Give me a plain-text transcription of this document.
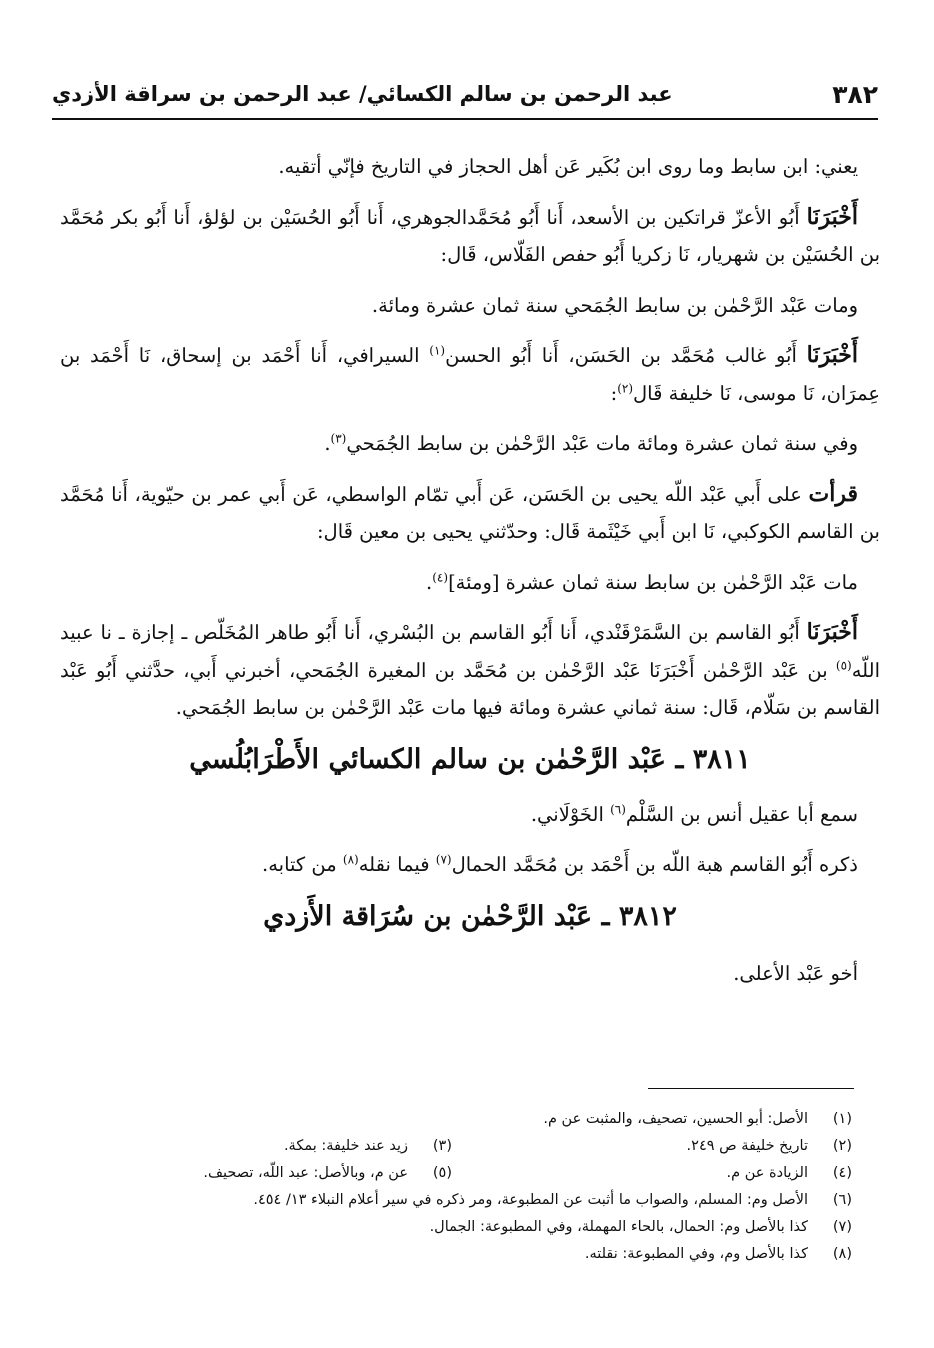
٣٨٢
عبد الرحمن بن سالم الكسائي/ عبد الرحمن بن سراقة الأزدي

يعني: ابن سابط وما روى ابن بُكَير عَن أهل الحجاز في التاريخ فإنّي أتقيه.

أَخْبَرَنَا أَبُو الأعزّ قراتكين بن الأسعد، أَنا أَبُو مُحَمَّدالجوهري، أَنا أَبُو الحُسَيْن بن لؤلؤ، أَنا أَبُو بكر مُحَمَّد بن الحُسَيْن بن شهريار، نَا زكريا أَبُو حفص الفَلّاس، قَال:

ومات عَبْد الرَّحْمٰن بن سابط الجُمَحي سنة ثمان عشرة ومائة.

أَخْبَرَنَا أَبُو غالب مُحَمَّد بن الحَسَن، أَنا أَبُو الحسن$^{(١)}$ السيرافي، أَنا أَحْمَد بن إسحاق، نَا أَحْمَد بن عِمرَان، نَا موسى، نَا خليفة قَال$^{(٢)}$:

وفي سنة ثمان عشرة ومائة مات عَبْد الرَّحْمٰن بن سابط الجُمَحي$^{(٣)}$.

قرأت على أَبي عَبْد اللّه يحيى بن الحَسَن، عَن أَبي تمّام الواسطي، عَن أَبي عمر بن حيّوية، أَنا مُحَمَّد بن القاسم الكوكبي، نَا ابن أَبي خَيْثَمة قَال: وحدّثني يحيى بن معين قَال:

مات عَبْد الرَّحْمٰن بن سابط سنة ثمان عشرة [ومئة]$^{(٤)}$.

أَخْبَرَنَا أَبُو القاسم بن السَّمَرْقَنْدي، أَنا أَبُو القاسم بن البُسْري، أَنا أَبُو طاهر المُخَلّص ـ إجازة ـ نا عبيد اللّه$^{(٥)}$ بن عَبْد الرَّحْمٰن أَخْبَرَنَا عَبْد الرَّحْمٰن بن مُحَمَّد بن المغيرة الجُمَحي، أخبرني أَبي، حدَّثني أَبُو عَبْد القاسم بن سَلّام، قَال: سنة ثماني عشرة ومائة فيها مات عَبْد الرَّحْمٰن بن سابط الجُمَحي.

٣٨١١ ـ عَبْد الرَّحْمٰن بن سالم الكسائي الأَطْرَابُلُسي

سمع أبا عقيل أنس بن السَّلْم$^{(٦)}$ الخَوْلَاني.

ذكره أَبُو القاسم هبة اللّه بن أَحْمَد بن مُحَمَّد الحمال$^{(٧)}$ فيما نقله$^{(٨)}$ من كتابه.

٣٨١٢ ـ عَبْد الرَّحْمٰن بن سُرَاقة الأَزدي

أخو عَبْد الأعلى.

(١)
الأصل: أبو الحسين، تصحيف، والمثبت عن م.
(٢)
تاريخ خليفة ص ٢٤٩.
(٣)
زيد عند خليفة: بمكة.
(٤)
الزيادة عن م.
(٥)
عن م، وبالأصل: عبد اللّه، تصحيف.
(٦)
الأصل وم: المسلم، والصواب ما أثبت عن المطبوعة، ومر ذكره في سير أعلام النبلاء ١٣/ ٤٥٤.
(٧)
كذا بالأصل وم: الحمال، بالحاء المهملة، وفي المطبوعة: الجمال.
(٨)
كذا بالأصل وم، وفي المطبوعة: نقلته.
